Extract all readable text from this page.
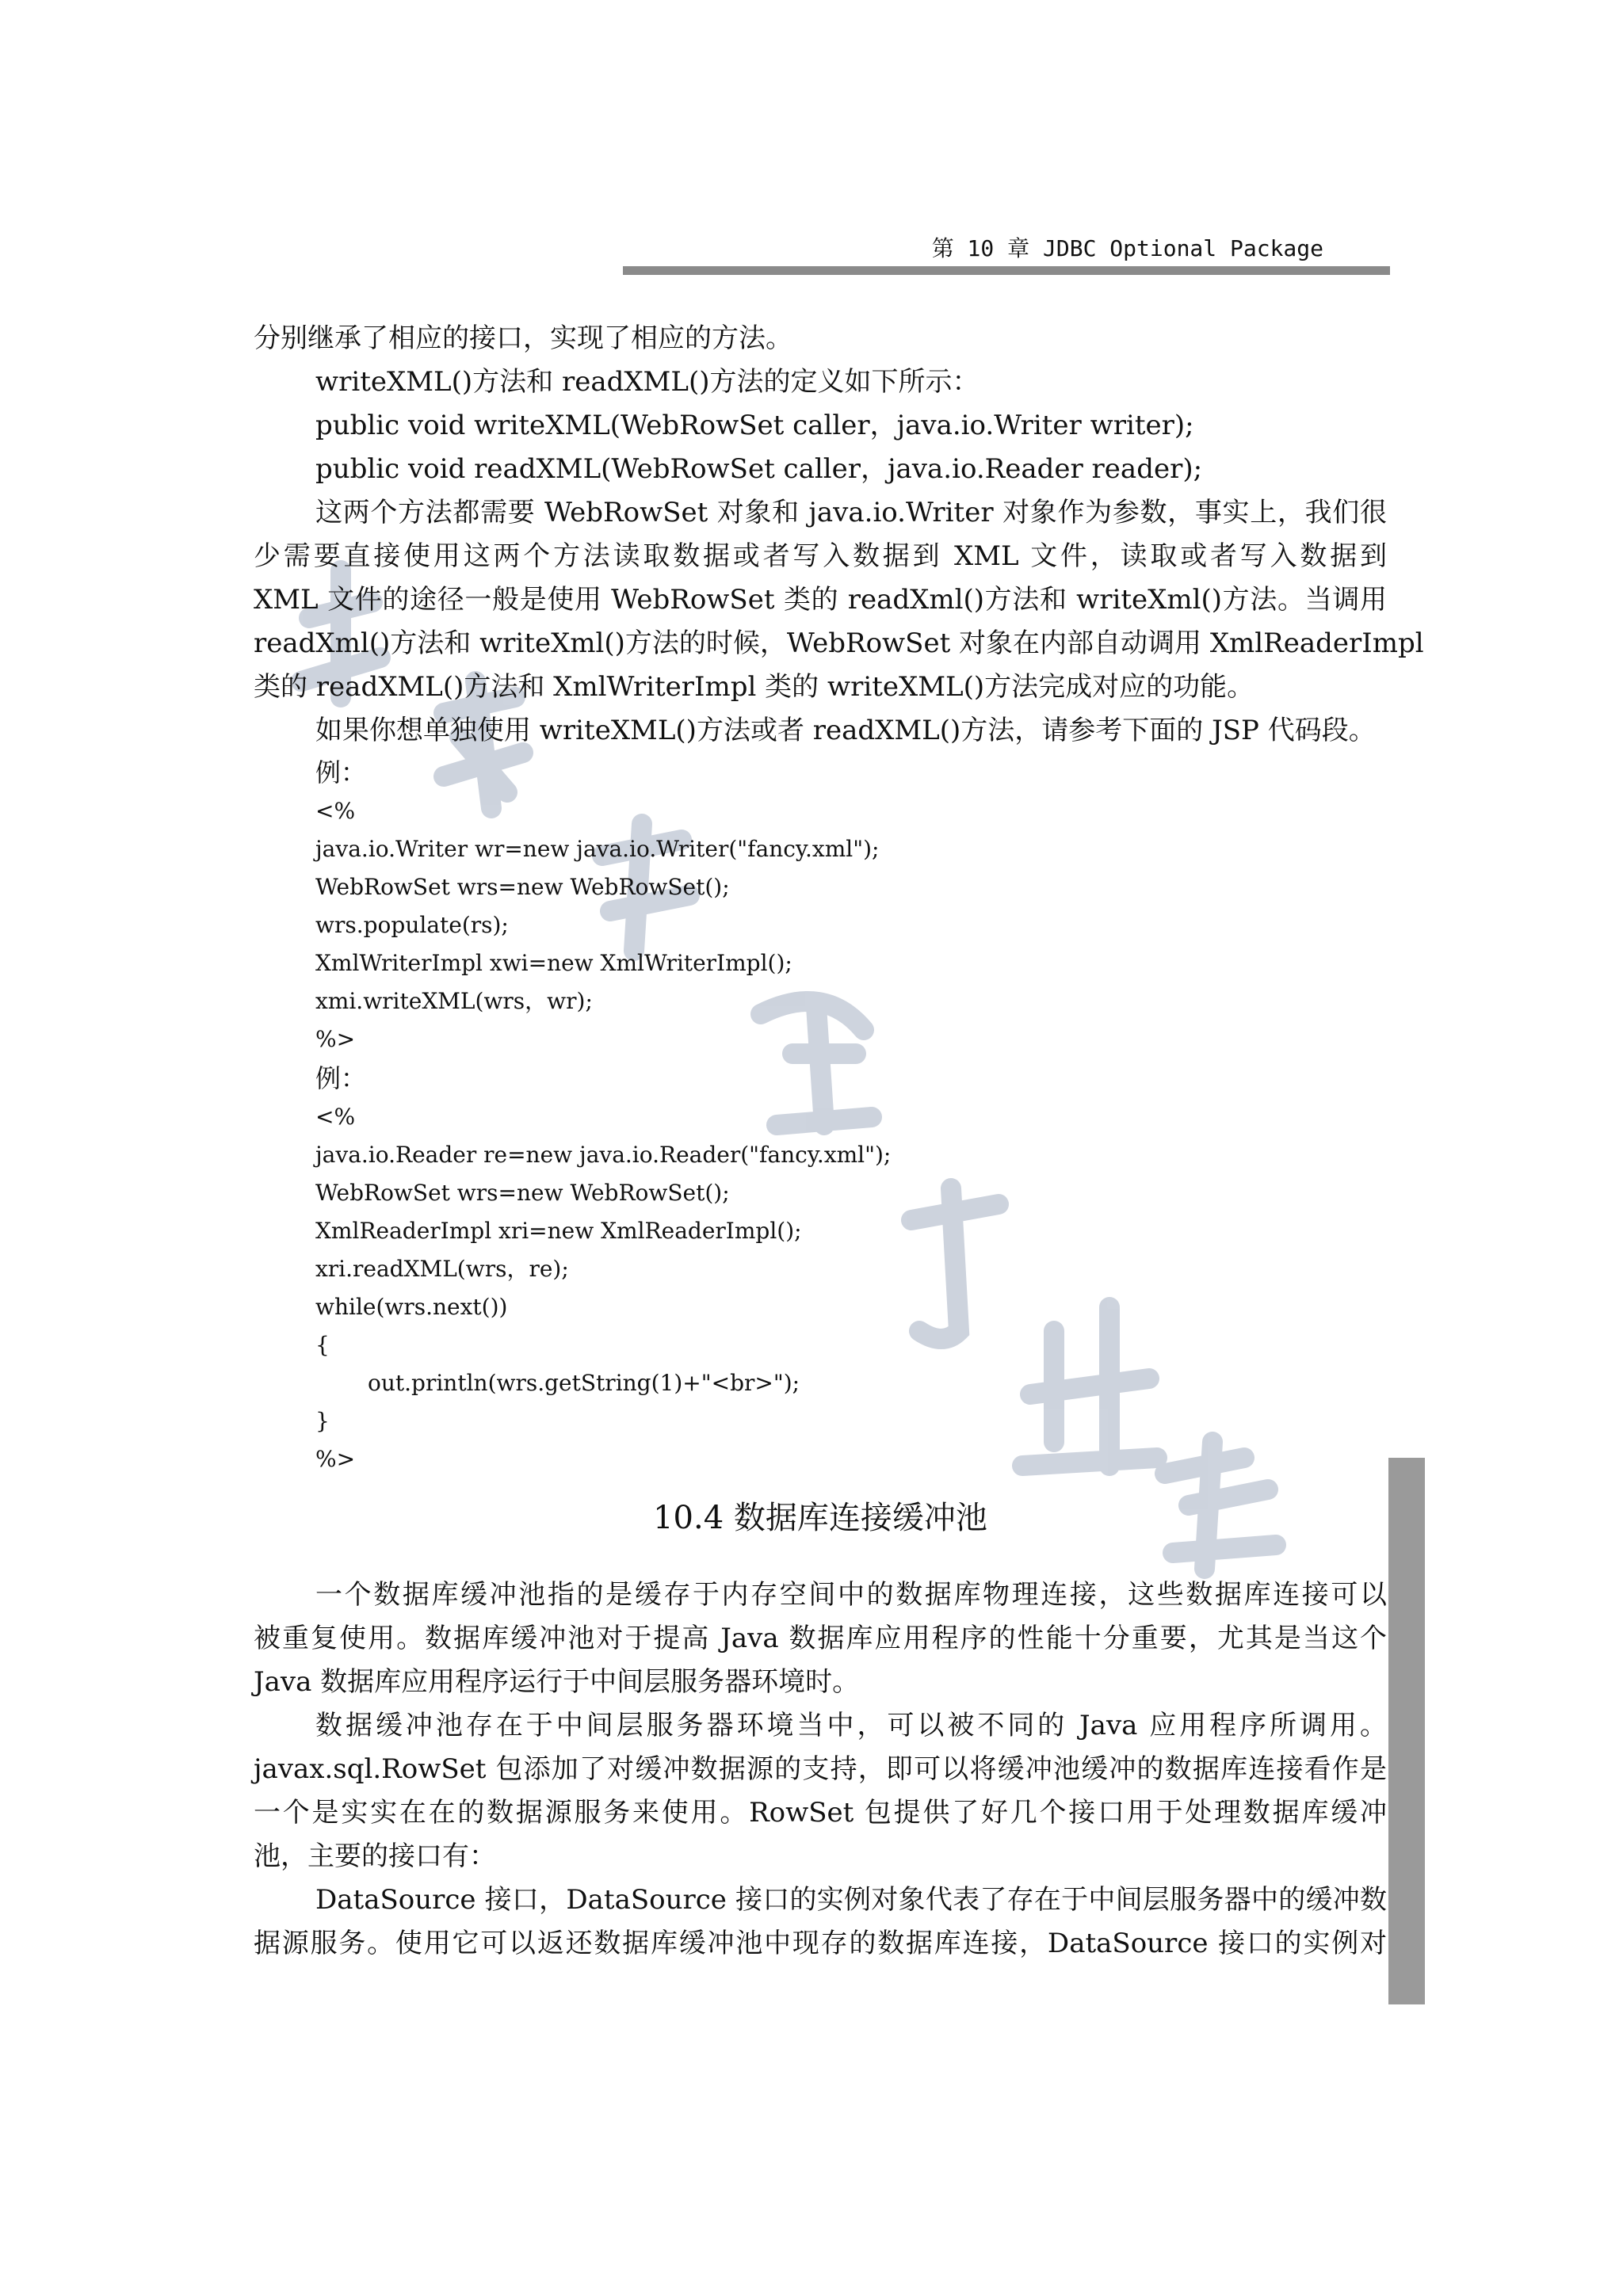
第 10 章 JDBC Optional Package
分别继承了相应的接口，实现了相应的方法。
writeXML()方法和 readXML()方法的定义如下所示：
public void writeXML(WebRowSet caller，java.io.Writer writer);
public void readXML(WebRowSet caller，java.io.Reader reader);
这两个方法都需要 WebRowSet 对象和 java.io.Writer 对象作为参数，事实上，我们很
少需要直接使用这两个方法读取数据或者写入数据到 XML 文件，读取或者写入数据到
XML 文件的途径一般是使用 WebRowSet 类的 readXml()方法和 writeXml()方法。当调用
readXml()方法和 writeXml()方法的时候，WebRowSet 对象在内部自动调用 XmlReaderImpl
类的 readXML()方法和 XmlWriterImpl 类的 writeXML()方法完成对应的功能。
如果你想单独使用 writeXML()方法或者 readXML()方法，请参考下面的 JSP 代码段。
例：
<%
java.io.Writer wr=new java.io.Writer("fancy.xml");
WebRowSet wrs=new WebRowSet();
wrs.populate(rs);
XmlWriterImpl xwi=new XmlWriterImpl();
xmi.writeXML(wrs，wr);
%>
例：
<%
java.io.Reader re=new java.io.Reader("fancy.xml");
WebRowSet wrs=new WebRowSet();
XmlReaderImpl xri=new XmlReaderImpl();
xri.readXML(wrs，re);
while(wrs.next())
{
out.println(wrs.getString(1)+"<br>");
}
%>
10.4 数据库连接缓冲池
一个数据库缓冲池指的是缓存于内存空间中的数据库物理连接，这些数据库连接可以
被重复使用。数据库缓冲池对于提高 Java 数据库应用程序的性能十分重要，尤其是当这个
Java 数据库应用程序运行于中间层服务器环境时。
数据缓冲池存在于中间层服务器环境当中，可以被不同的 Java 应用程序所调用。
javax.sql.RowSet 包添加了对缓冲数据源的支持，即可以将缓冲池缓冲的数据库连接看作是
一个是实实在在的数据源服务来使用。RowSet 包提供了好几个接口用于处理数据库缓冲
池，主要的接口有：
DataSource 接口，DataSource 接口的实例对象代表了存在于中间层服务器中的缓冲数
据源服务。使用它可以返还数据库缓冲池中现存的数据库连接，DataSource 接口的实例对
